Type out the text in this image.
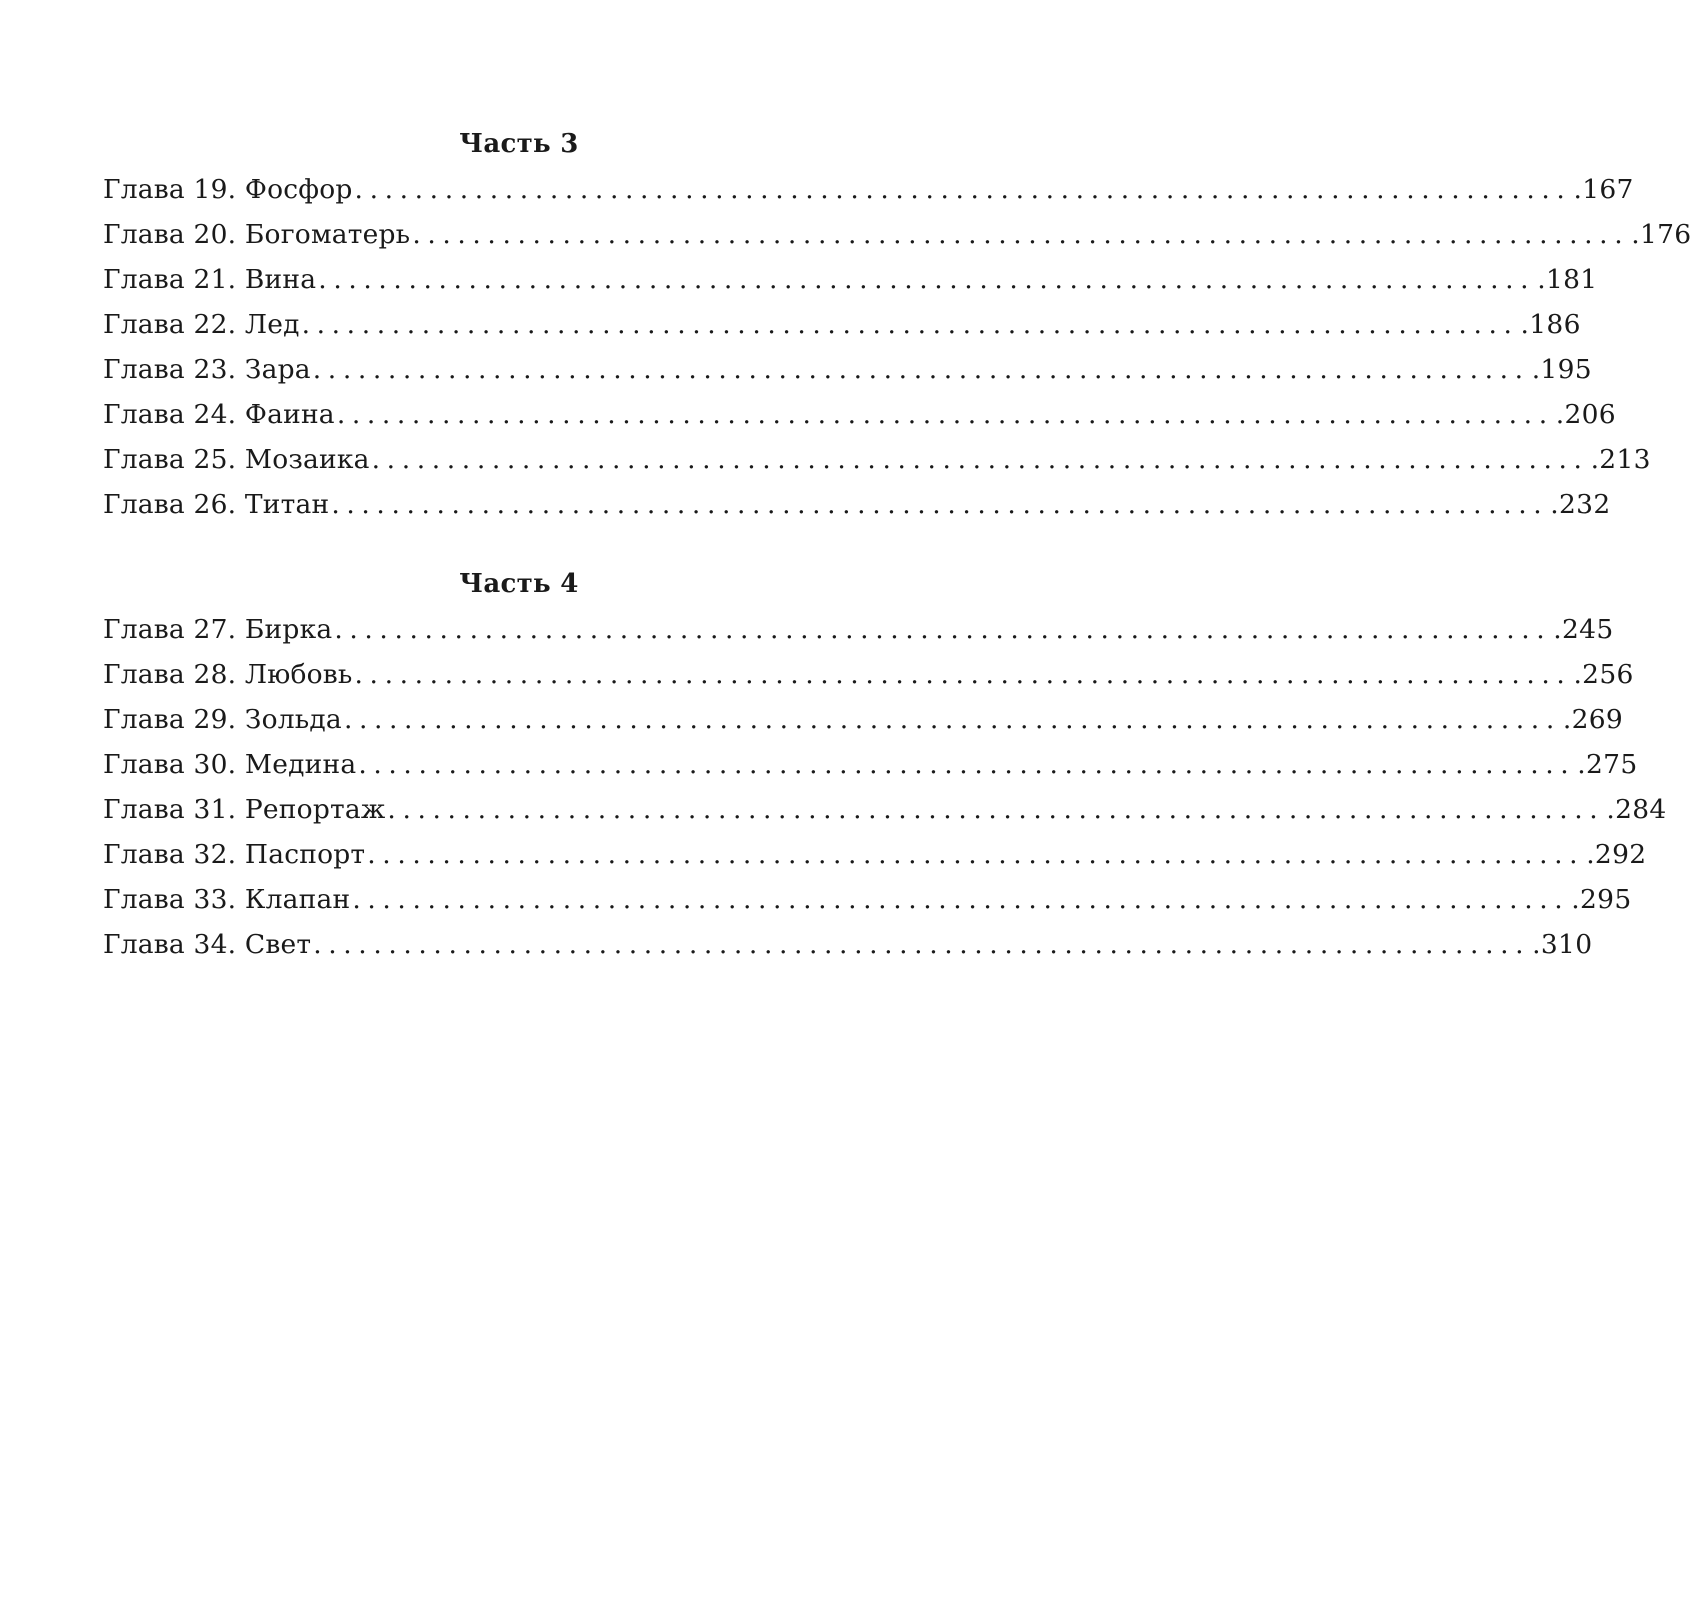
Часть 3
Глава 19. Фосфор ................................................................................. .167
Глава 20. Богоматерь ................................................................................. .176
Глава 21. Вина ................................................................................. .181
Глава 22. Лед ................................................................................. .186
Глава 23. Зара ................................................................................. .195
Глава 24. Фаина ................................................................................. .206
Глава 25. Мозаика ................................................................................. .213
Глава 26. Титан ................................................................................. .232
Часть 4
Глава 27. Бирка ................................................................................. .245
Глава 28. Любовь ................................................................................. .256
Глава 29. Зольда ................................................................................. .269
Глава 30. Медина ................................................................................. .275
Глава 31. Репортаж ................................................................................. .284
Глава 32. Паспорт ................................................................................. .292
Глава 33. Клапан ................................................................................. .295
Глава 34. Свет ................................................................................. .310
